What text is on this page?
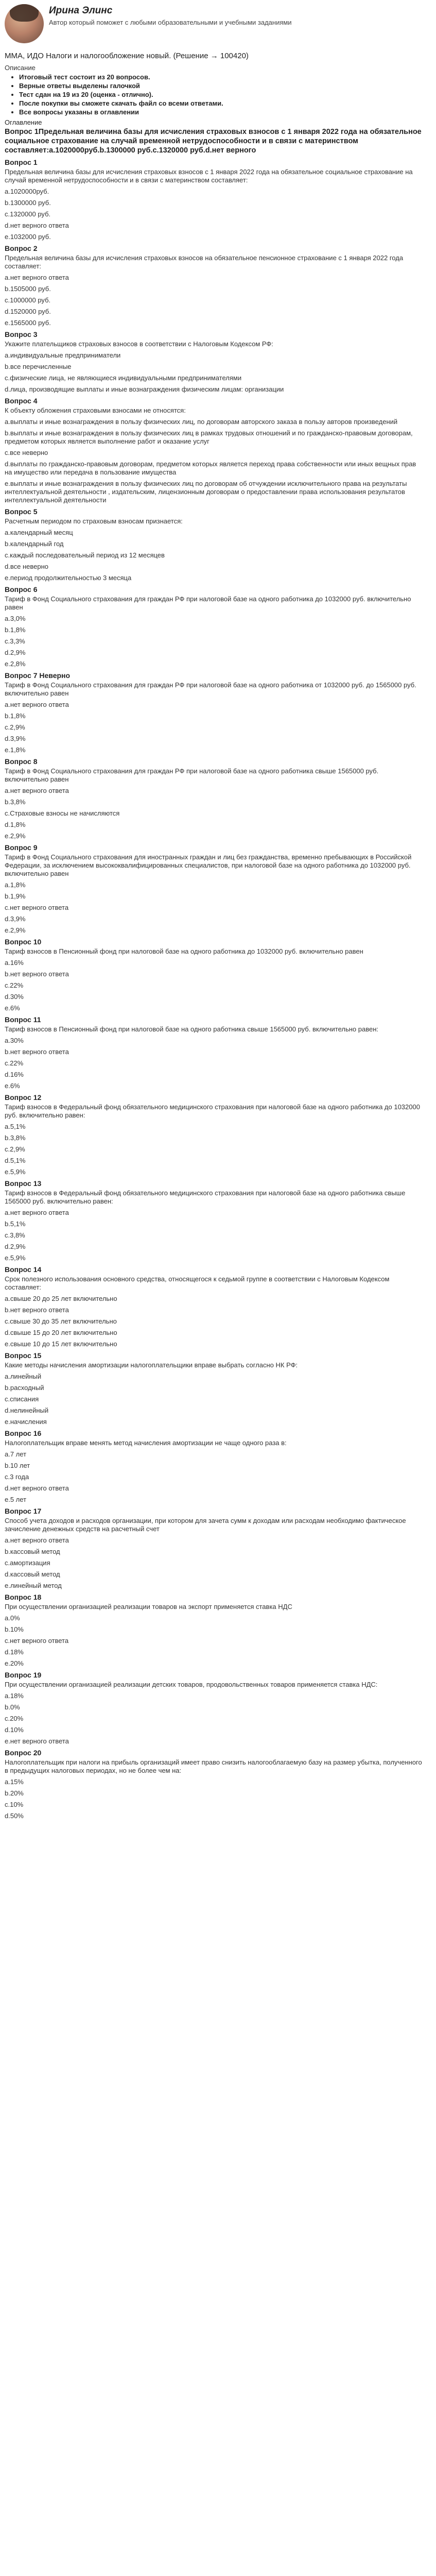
Ирина Элинс
Автор который поможет с любыми образовательными и учебными заданиями
ММА, ИДО Налоги и налогообложение новый. (Решение → 100420)
Описание
• Итоговый тест состоит из 20 вопросов.
• Верные ответы выделены галочкой
• Тест сдан на 19 из 20 (оценка - отлично).
• После покупки вы сможете скачать файл со всеми ответами.
• Все вопросы указаны в оглавлении
Оглавление
Вопрос 1Предельная величина базы для исчисления страховых взносов с 1 января 2022 года на обязательное социальное страхование на случай временной нетрудоспособности и в связи с материнством составляет:a.1020000руб.b.1300000 руб.c.1320000 руб.d.нет верного
Вопрос 1
Предельная величина базы для исчисления страховых взносов с 1 января 2022 года на обязательное социальное страхование на случай временной нетрудоспособности и в связи с материнством составляет:
a.1020000руб.
b.1300000 руб.
c.1320000 руб.
d.нет верного ответа
e.1032000 руб.
Вопрос 2
Предельная величина базы для исчисления страховых взносов на обязательное пенсионное страхование с 1 января 2022 года составляет:
a.нет верного ответа
b.1505000 руб.
c.1000000 руб.
d.1520000 руб.
e.1565000 руб.
Вопрос 3
Укажите плательщиков страховых взносов в соответствии с Налоговым Кодексом РФ:
a.индивидуальные предприниматели
b.все перечисленные
c.физические лица, не являющиеся индивидуальными предпринимателями
d.лица, производящие выплаты и иные вознаграждения физическим лицам: организации
Вопрос 4
К объекту обложения страховыми взносами не относятся:
a.выплаты и иные вознаграждения в пользу физических лиц, по договорам авторского заказа в пользу авторов произведений
b.выплаты и иные вознаграждения в пользу физических лиц в рамках трудовых отношений и по гражданско-правовым договорам, предметом которых является выполнение работ и оказание услуг
c.все неверно
d.выплаты по гражданско-правовым договорам, предметом которых является переход права собственности или иных вещных прав на имущество или передача в пользование имущества
e.выплаты и иные вознаграждения в пользу физических лиц по договорам об отчуждении исключительного права на результаты интеллектуальной деятельности , издательским, лицензионным договорам о предоставлении права использования результатов интеллектуальной деятельности
Вопрос 5
Расчетным периодом по страховым взносам признается:
a.календарный месяц
b.календарный год
c.каждый последовательный период из 12 месяцев
d.все неверно
e.период продолжительностью 3 месяца
Вопрос 6
Тариф в Фонд Социального страхования для граждан РФ при налоговой базе на одного работника до 1032000 руб. включительно равен
a.3,0%
b.1,8%
c.3,3%
d.2,9%
e.2,8%
Вопрос 7 Неверно
Тариф в Фонд Социального страхования для граждан РФ при налоговой базе на одного работника от 1032000 руб. до 1565000 руб. включительно равен
a.нет верного ответа
b.1,8%
c.2,9%
d.3,9%
e.1,8%
Вопрос 8
Тариф в Фонд Социального страхования для граждан РФ при налоговой базе на одного работника свыше 1565000 руб. включительно равен
a.нет верного ответа
b.3,8%
c.Страховые взносы не начисляются
d.1,8%
e.2,9%
Вопрос 9
Тариф в Фонд Социального страхования для иностранных граждан и лиц без гражданства, временно пребывающих в Российской Федерации, за исключением высококвалифицированных специалистов, при налоговой базе на одного работника до 1032000 руб. включительно равен
a.1,8%
b.1,9%
c.нет верного ответа
d.3,9%
e.2,9%
Вопрос 10
Тариф взносов в Пенсионный фонд при налоговой базе на одного работника до 1032000 руб. включительно равен
a.16%
b.нет верного ответа
c.22%
d.30%
e.6%
Вопрос 11
Тариф взносов в Пенсионный фонд при налоговой базе на одного работника свыше 1565000 руб. включительно равен:
a.30%
b.нет верного ответа
c.22%
d.16%
e.6%
Вопрос 12
Тариф взносов в Федеральный фонд обязательного медицинского страхования при налоговой базе на одного работника до 1032000 руб. включительно равен:
a.5,1%
b.3,8%
c.2,9%
d.5,1%
e.5,9%
Вопрос 13
Тариф взносов в Федеральный фонд обязательного медицинского страхования при налоговой базе на одного работника свыше 1565000 руб. включительно равен:
a.нет верного ответа
b.5,1%
c.3,8%
d.2,9%
e.5,9%
Вопрос 14
Срок полезного использования основного средства, относящегося к седьмой группе в соответствии с Налоговым Кодексом составляет:
a.свыше 20 до 25 лет включительно
b.нет верного ответа
c.свыше 30 до 35 лет включительно
d.свыше 15 до 20 лет включительно
e.свыше 10 до 15 лет включительно
Вопрос 15
Какие методы начисления амортизации налогоплательщики вправе выбрать согласно НК РФ:
a.линейный
b.расходный
c.списания
d.нелинейный
e.начисления
Вопрос 16
Налогоплательщик вправе менять метод начисления амортизации не чаще одного раза в:
a.7 лет
b.10 лет
c.3 года
d.нет верного ответа
e.5 лет
Вопрос 17
Способ учета доходов и расходов организации, при котором для зачета сумм к доходам или расходам необходимо фактическое зачисление денежных средств на расчетный счет
a.нет верного ответа
b.кассовый метод
c.амортизация
d.кассовый метод
e.линейный метод
Вопрос 18
При осуществлении организацией реализации товаров на экспорт применяется ставка НДС
a.0%
b.10%
c.нет верного ответа
d.18%
e.20%
Вопрос 19
При осуществлении организацией реализации детских товаров, продовольственных товаров применяется ставка НДС:
a.18%
b.0%
c.20%
d.10%
e.нет верного ответа
Вопрос 20
Налогоплательщик при налоги на прибыль организаций имеет право снизить налогооблагаемую базу на размер убытка, полученного в предыдущих налоговых периодах, но не более чем на:
a.15%
b.20%
c.10%
d.50%
